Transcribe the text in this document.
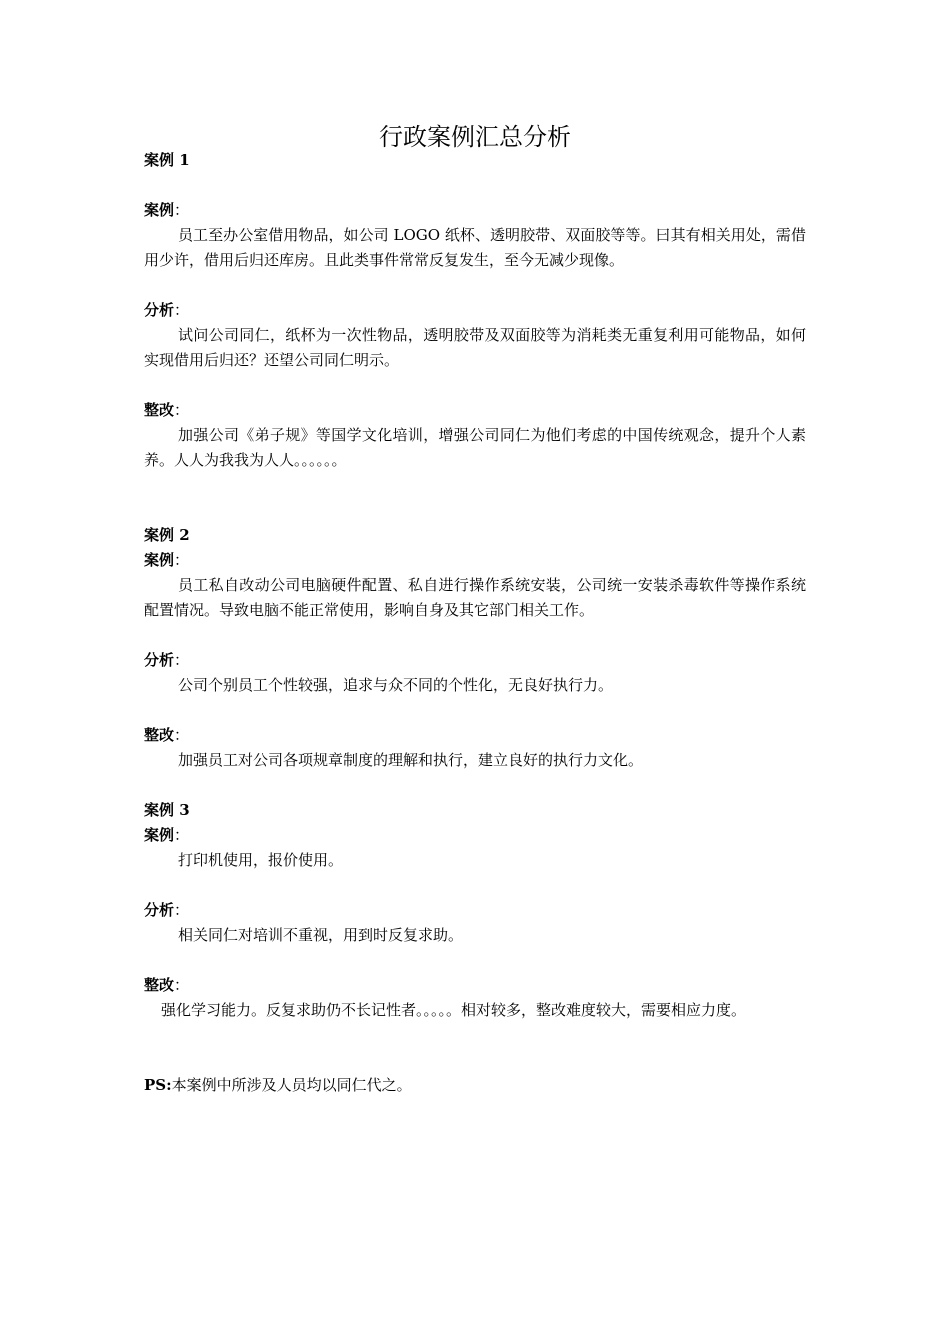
行政案例汇总分析
案例 1
案例：

员工至办公室借用物品，如公司 LOGO 纸杯、透明胶带、双面胶等等。曰其有相关用处，需借用少许，借用后归还库房。且此类事件常常反复发生，至今无减少现像。

分析：

试问公司同仁，纸杯为一次性物品，透明胶带及双面胶等为消耗类无重复利用可能物品，如何实现借用后归还？还望公司同仁明示。

整改：

加强公司《弟子规》等国学文化培训，增强公司同仁为他们考虑的中国传统观念，提升个人素养。人人为我我为人人。。。。。。

案例 2
案例：

员工私自改动公司电脑硬件配置、私自进行操作系统安装，公司统一安装杀毒软件等操作系统配置情况。导致电脑不能正常使用，影响自身及其它部门相关工作。

分析：

公司个别员工个性较强，追求与众不同的个性化，无良好执行力。

整改：

加强员工对公司各项规章制度的理解和执行，建立良好的执行力文化。

案例 3
案例：

打印机使用，报价使用。

分析：

相关同仁对培训不重视，用到时反复求助。

整改：

强化学习能力。反复求助仍不长记性者。。。。。相对较多，整改难度较大，需要相应力度。

PS:本案例中所涉及人员均以同仁代之。
